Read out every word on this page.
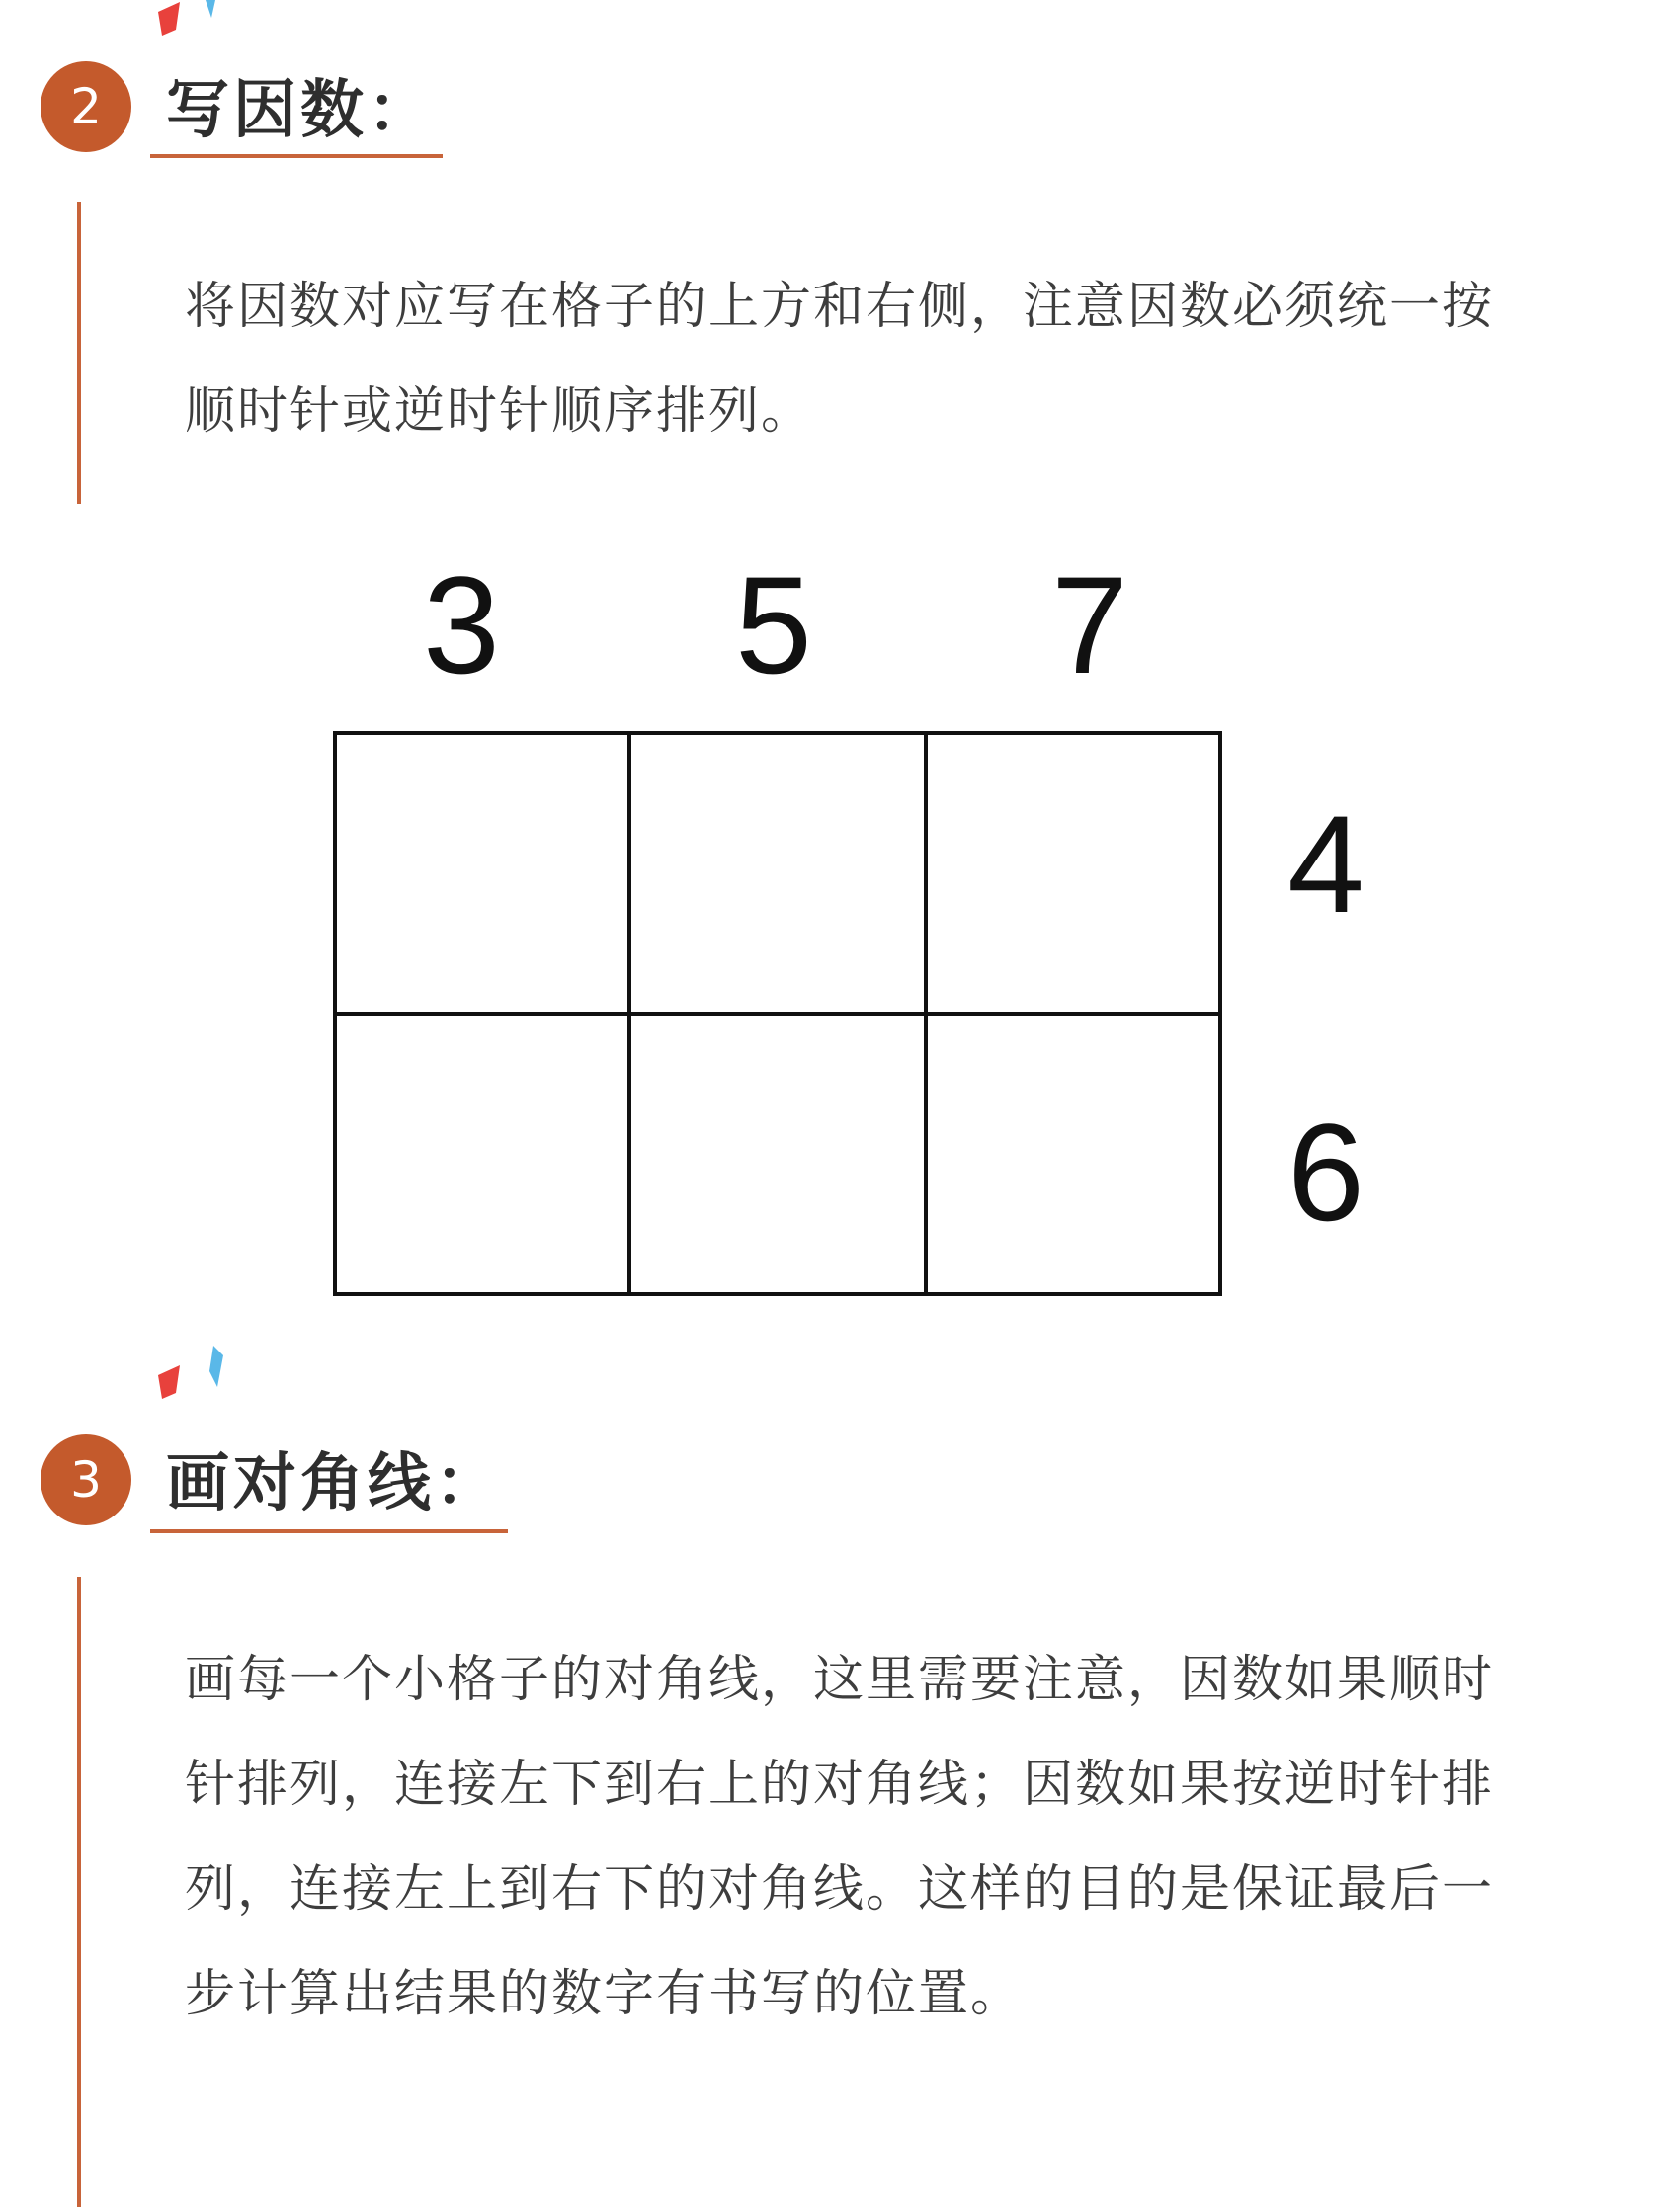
2	写因数：

将因数对应写在格子的上方和右侧，注意因数必须统一按顺时针或逆时针顺序排列。

3 5 7
4
6
3	画对角线：

画每一个小格子的对角线，这里需要注意，因数如果顺时针排列，连接左下到右上的对角线；因数如果按逆时针排列，连接左上到右下的对角线。这样的目的是保证最后一步计算出结果的数字有书写的位置。
